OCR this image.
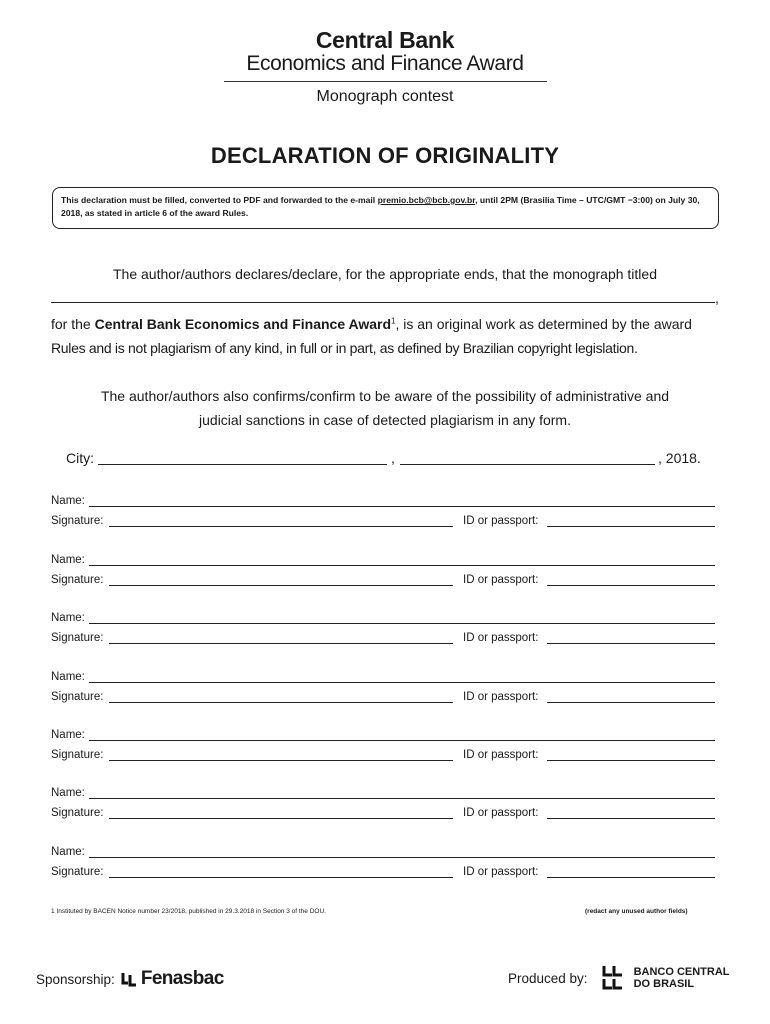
Central Bank
Economics and Finance Award
Monograph contest
DECLARATION OF ORIGINALITY
This declaration must be filled, converted to PDF and forwarded to the e-mail premio.bcb@bcb.gov.br, until 2PM (Brasilia Time – UTC/GMT −3:00) on July 30, 2018, as stated in article 6 of the award Rules.
The author/authors declares/declare, for the appropriate ends, that the monograph titled
,
for the Central Bank Economics and Finance Award$^1$, is an original work as determined by the award
Rules and is not plagiarism of any kind, in full or in part, as defined by Brazilian copyright legislation.
The author/authors also confirms/confirm to be aware of the possibility of administrative and
judicial sanctions in case of detected plagiarism in any form.
City:	,	, 2018.
Name:
Signature:	ID or passport:
Name:
Signature:	ID or passport:
Name:
Signature:	ID or passport:
Name:
Signature:	ID or passport:
Name:
Signature:	ID or passport:
Name:
Signature:	ID or passport:
Name:
Signature:	ID or passport:
1 Instituted by BACEN Notice number 23/2018, published in 29.3.2018 in Section 3 of the DOU.	(redact any unused author fields)
Sponsorship: Fenasbac	Produced by:	BANCO CENTRAL
DO BRASIL
